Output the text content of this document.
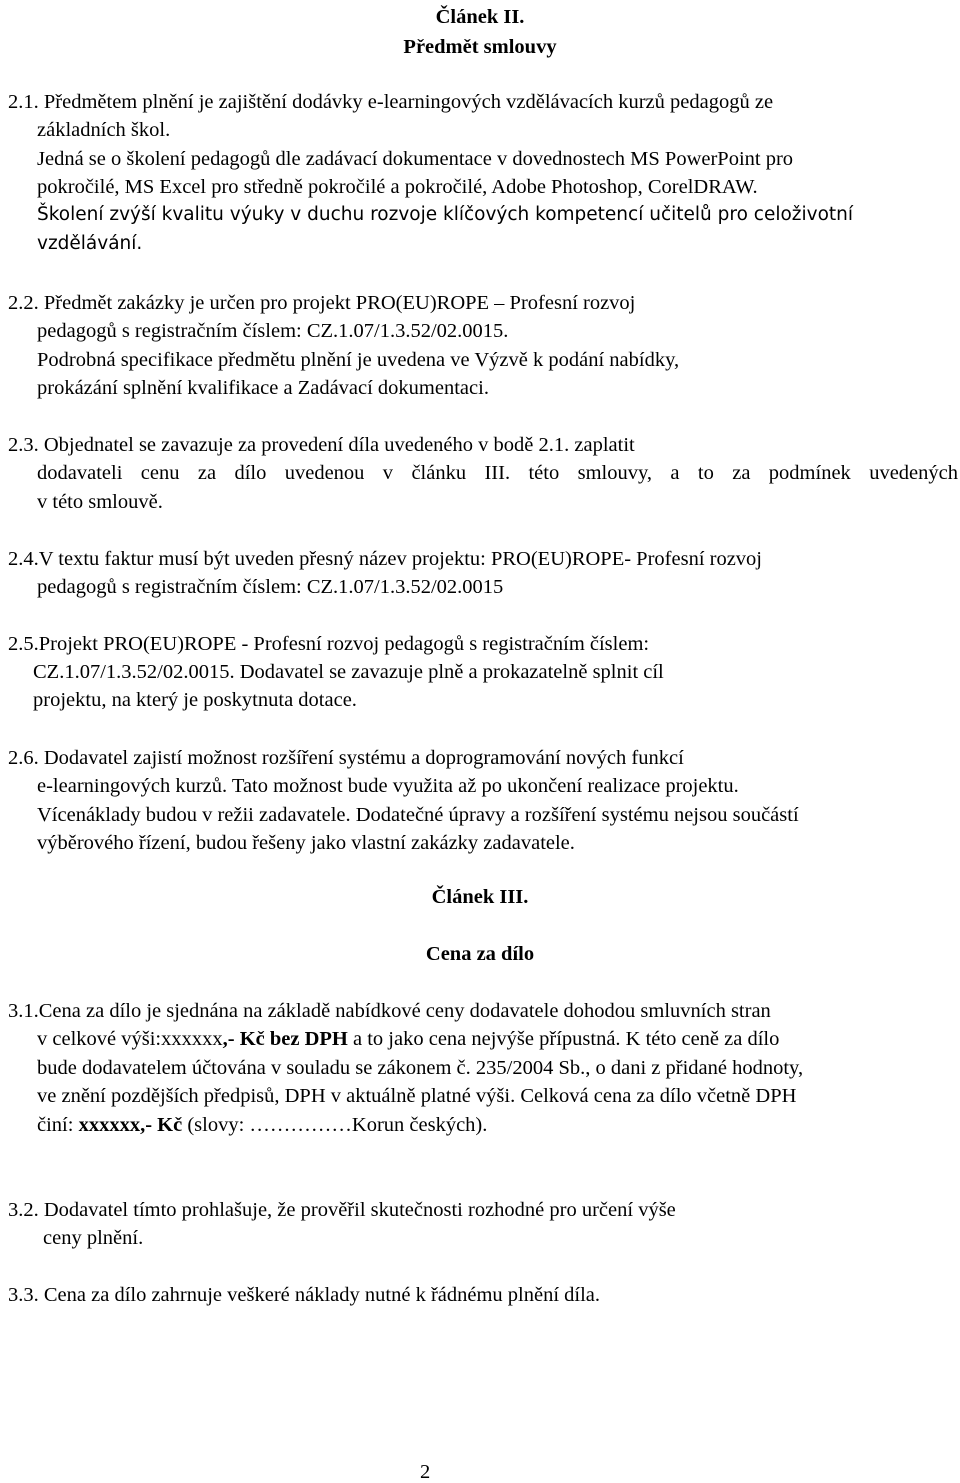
Článek II.
Předmět smlouvy
2.1. Předmětem plnění je zajištění dodávky e-learningových vzdělávacích kurzů pedagogů ze
základních škol.
Jedná se o školení pedagogů dle zadávací dokumentace v dovednostech MS PowerPoint pro
pokročilé, MS Excel pro středně pokročilé a pokročilé, Adobe Photoshop, CorelDRAW.
Školení zvýší kvalitu výuky v duchu rozvoje klíčových kompetencí učitelů pro celoživotní
vzdělávání.
2.2. Předmět zakázky je určen pro projekt PRO(EU)ROPE – Profesní rozvoj
pedagogů s registračním číslem: CZ.1.07/1.3.52/02.0015.
Podrobná specifikace předmětu plnění je uvedena ve Výzvě k podání nabídky,
prokázání splnění kvalifikace a Zadávací dokumentaci.
2.3. Objednatel se zavazuje za provedení díla uvedeného v bodě 2.1. zaplatit
dodavateli cenu za dílo uvedenou v článku III. této smlouvy, a to za podmínek uvedených
v této smlouvě.
2.4.V textu faktur musí být uveden přesný název projektu: PRO(EU)ROPE- Profesní rozvoj
pedagogů s registračním číslem: CZ.1.07/1.3.52/02.0015
2.5.Projekt PRO(EU)ROPE - Profesní rozvoj pedagogů s registračním číslem:
CZ.1.07/1.3.52/02.0015. Dodavatel se zavazuje plně a prokazatelně splnit cíl
projektu, na který je poskytnuta dotace.
2.6. Dodavatel zajistí možnost rozšíření systému a doprogramování nových funkcí
e-learningových kurzů. Tato možnost bude využita až po ukončení realizace projektu.
Vícenáklady budou v režii zadavatele. Dodatečné úpravy a rozšíření systému nejsou součástí
výběrového řízení, budou řešeny jako vlastní zakázky zadavatele.
Článek III.
Cena za dílo
3.1.Cena za dílo je sjednána na základě nabídkové ceny dodavatele dohodou smluvních stran
v celkové výši:xxxxxx,- Kč bez DPH a to jako cena nejvýše přípustná. K této ceně za dílo
bude dodavatelem účtována v souladu se zákonem č. 235/2004 Sb., o dani z přidané hodnoty,
ve znění pozdějších předpisů, DPH v aktuálně platné výši. Celková cena za dílo včetně DPH
činí: xxxxxx,- Kč (slovy: ……………Korun českých).
3.2. Dodavatel tímto prohlašuje, že prověřil skutečnosti rozhodné pro určení výše
ceny plnění.
3.3. Cena za dílo zahrnuje veškeré náklady nutné k řádnému plnění díla.
2
